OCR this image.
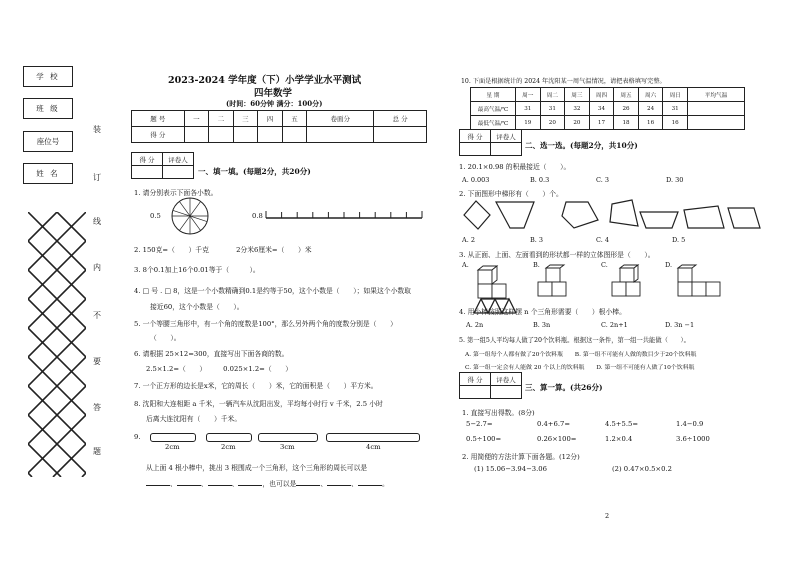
学 校
班 级
座位号
姓 名
装
订
线
内
不
要
答
题
2023-2024 学年度（下）小学学业水平测试
四年数学
(时间：60分钟 满分：100分)
题 号	一	二	三	四	五	卷面分	总 分
得 分							
得 分	评卷人

一、填一填。(每题2分，共20分)
1. 请分别表示下面各小数。
0.5	0.8
2. 150克=（　　）千克　　　　2分米6厘米=（　　）米
3. 8个0.1加上16个0.01等于（　　　）。
4. □ 号 . □ 8，这是一个小数精确到0.1是约等于50，这个小数是（　　）；如果这个小数取
接近60，这个小数是（　　）。
5. 一个等腰三角形中，有一个角的度数是100°，那么另外两个角的度数分别是（　　）
（　　）。
6. 请根据 25×12=300，直接写出下面各商的数。
2.5×1.2=（　　）　　　0.025×1.2=（　　）
7. 一个正方形的边长是x米，它的周长（　　）米，它的面积是（　　）平方米。
8. 沈阳和大连相距 a 千米，一辆汽车从沈阳出发，平均每小时行 v 千米，2.5 小时
后离大连沈阳有（　　）千米。
9.
2cm	2cm	3cm	4cm
从上面 4 根小棒中，挑出 3 根围成一个三角形，这个三角形的周长可以是
、	、	、	，也可以是	、	、	。
10. 下面是根据统计的 2024 年沈阳某一周气温情况，请把表格填写完整。
星 期	周一	周二	周三	周四	周五	周六	周日	平均气温
最高气温/℃	31	31	32	34	26	24	31	
最低气温/℃	19	20	20	17	18	16	16	
得 分	评卷人

二、选一选。(每题2分，共10分)
1. 20.1×0.98 的积最接近（　　）。
A. 0.003	B. 0.3	C. 3	D. 30
2. 下面图形中梯形有（　　）个。
A. 2	B. 3	C. 4	D. 5
3. 从正面、上面、左面看到的形状都一样的立体图形是（　　）。
A.	B.	C.	D.
4. 用小棒按照这样摆 n 个三角形需要（　　）根小棒。
A. 2n	B. 3n	C. 2n+1	D. 3n −1
5. 第一组5人平均每人做了20个饮料瓶。根据这一条件，第一组一共能做（　　）。
A. 第一组每个人都有做了20个饮料瓶　　B. 第一组不可能有人做的数目少于20个饮料瓶
C. 第一组一定会有人能做 20 个以上的饮料瓶　　D. 第一组不可能有人做了10个饮料瓶
得 分	评卷人

三、算一算。(共26分)
1. 直接写出得数。(8分)
5−2.7=	0.4+6.7=	4.5+5.5=	1.4−0.9
0.5÷100=	0.26×100=	1.2×0.4	3.6÷1000
2. 用简便的方法计算下面各题。(12分)
(1) 15.06−3.94−3.06	(2) 0.47×0.5×0.2
2
